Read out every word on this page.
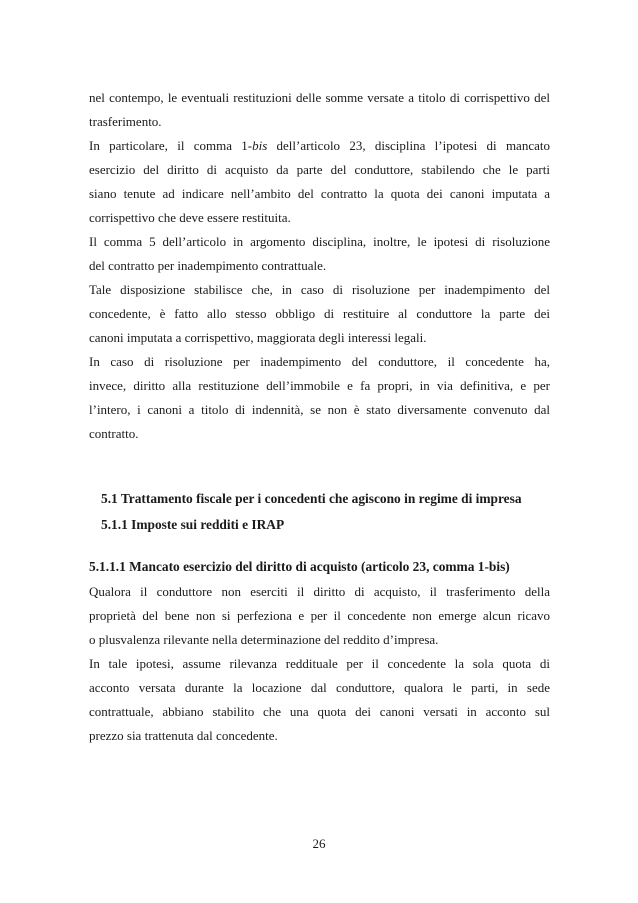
nel contempo, le eventuali restituzioni delle somme versate a titolo di corrispettivo del
trasferimento.
In particolare, il comma 1-bis dell’articolo 23, disciplina l’ipotesi di mancato
esercizio del diritto di acquisto da parte del conduttore, stabilendo che le parti
siano tenute ad indicare nell’ambito del contratto la quota dei canoni imputata a
corrispettivo che deve essere restituita.
Il comma 5 dell’articolo in argomento disciplina, inoltre, le ipotesi di risoluzione
del contratto per inadempimento contrattuale.
Tale disposizione stabilisce che, in caso di risoluzione per inadempimento del
concedente, è fatto allo stesso obbligo di restituire al conduttore la parte dei
canoni imputata a corrispettivo, maggiorata degli interessi legali.
In caso di risoluzione per inadempimento del conduttore, il concedente ha,
invece, diritto alla restituzione dell’immobile e fa propri, in via definitiva, e per
l’intero, i canoni a titolo di indennità, se non è stato diversamente convenuto dal
contratto.
5.1 Trattamento fiscale per i concedenti che agiscono in regime di impresa
5.1.1 Imposte sui redditi e IRAP
5.1.1.1 Mancato esercizio del diritto di acquisto (articolo 23, comma 1-bis)
Qualora il conduttore non eserciti il diritto di acquisto, il trasferimento della
proprietà del bene non si perfeziona e per il concedente non emerge alcun ricavo
o plusvalenza rilevante nella determinazione del reddito d’impresa.
In tale ipotesi, assume rilevanza reddituale per il concedente la sola quota di
acconto versata durante la locazione dal conduttore, qualora le parti, in sede
contrattuale, abbiano stabilito che una quota dei canoni versati in acconto sul
prezzo sia trattenuta dal concedente.
26
